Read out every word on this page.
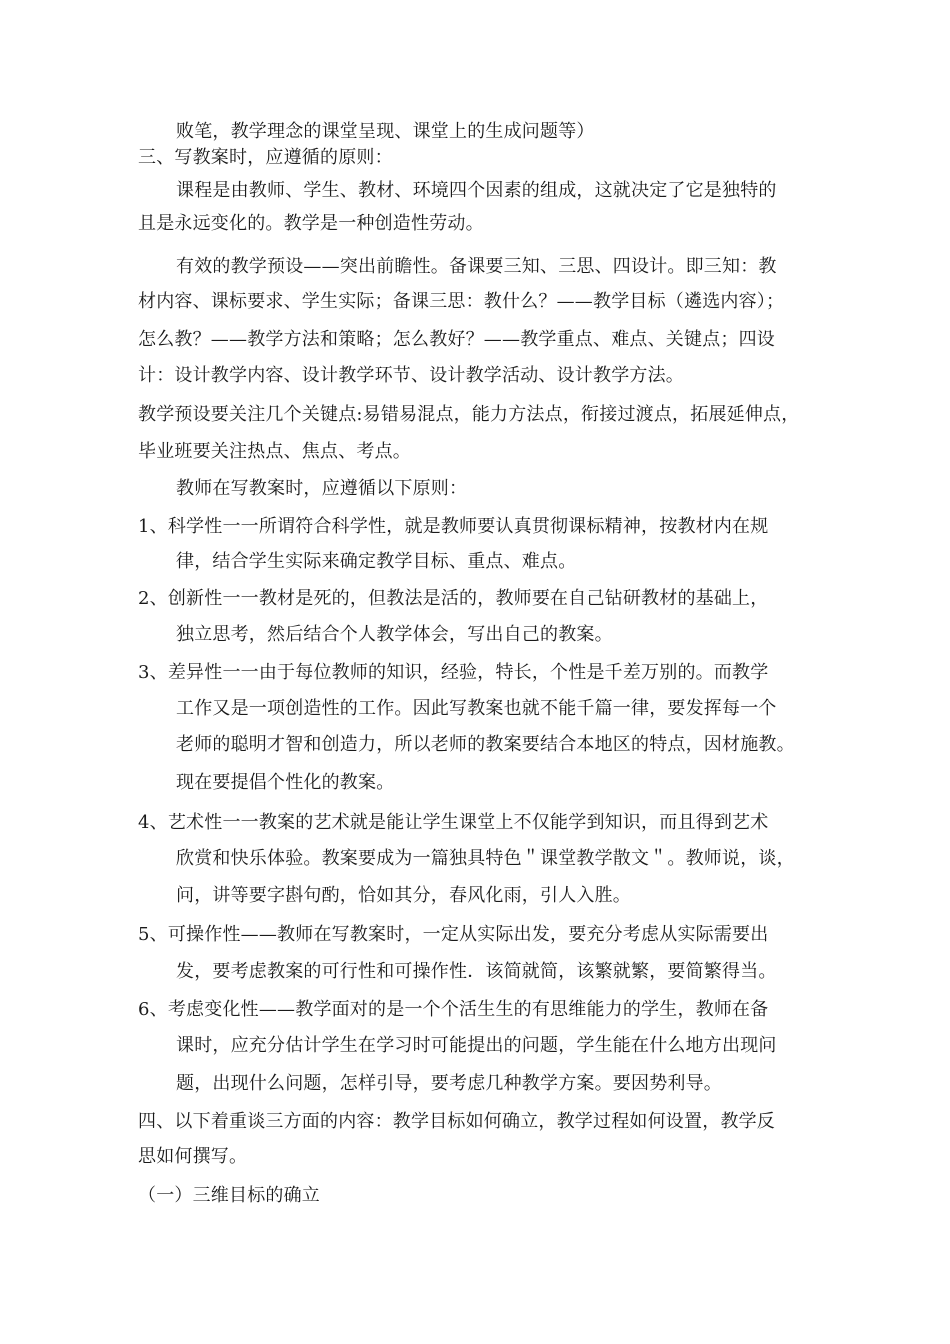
败笔，教学理念的课堂呈现、课堂上的生成问题等）
三、写教案时，应遵循的原则：
课程是由教师、学生、教材、环境四个因素的组成，这就决定了它是独特的
且是永远变化的。教学是一种创造性劳动。
有效的教学预设——突出前瞻性。备课要三知、三思、四设计。即三知：教
材内容、课标要求、学生实际；备课三思：教什么？——教学目标（遴选内容）；
怎么教？——教学方法和策略；怎么教好？——教学重点、难点、关键点；四设
计：设计教学内容、设计教学环节、设计教学活动、设计教学方法。
教学预设要关注几个关键点:易错易混点，能力方法点，衔接过渡点，拓展延伸点，
毕业班要关注热点、焦点、考点。
教师在写教案时，应遵循以下原则：
1、科学性一一所谓符合科学性，就是教师要认真贯彻课标精神，按教材内在规
律，结合学生实际来确定教学目标、重点、难点。
2、创新性一一教材是死的，但教法是活的，教师要在自己钻研教材的基础上，
独立思考，然后结合个人教学体会，写出自己的教案。
3、差异性一一由于每位教师的知识，经验，特长，个性是千差万别的。而教学
工作又是一项创造性的工作。因此写教案也就不能千篇一律，要发挥每一个
老师的聪明才智和创造力，所以老师的教案要结合本地区的特点，因材施教。
现在要提倡个性化的教案。
4、艺术性一一教案的艺术就是能让学生课堂上不仅能学到知识，而且得到艺术
欣赏和快乐体验。教案要成为一篇独具特色＂课堂教学散文＂。教师说，谈，
问，讲等要字斟句酌，恰如其分，春风化雨，引人入胜。
5、可操作性——教师在写教案时，一定从实际出发，要充分考虑从实际需要出
发，要考虑教案的可行性和可操作性．该简就简，该繁就繁，要简繁得当。
6、考虑变化性——教学面对的是一个个活生生的有思维能力的学生，教师在备
课时，应充分估计学生在学习时可能提出的问题，学生能在什么地方出现问
题，出现什么问题，怎样引导，要考虑几种教学方案。要因势利导。
四、以下着重谈三方面的内容：教学目标如何确立，教学过程如何设置，教学反
思如何撰写。
（一）三维目标的确立
